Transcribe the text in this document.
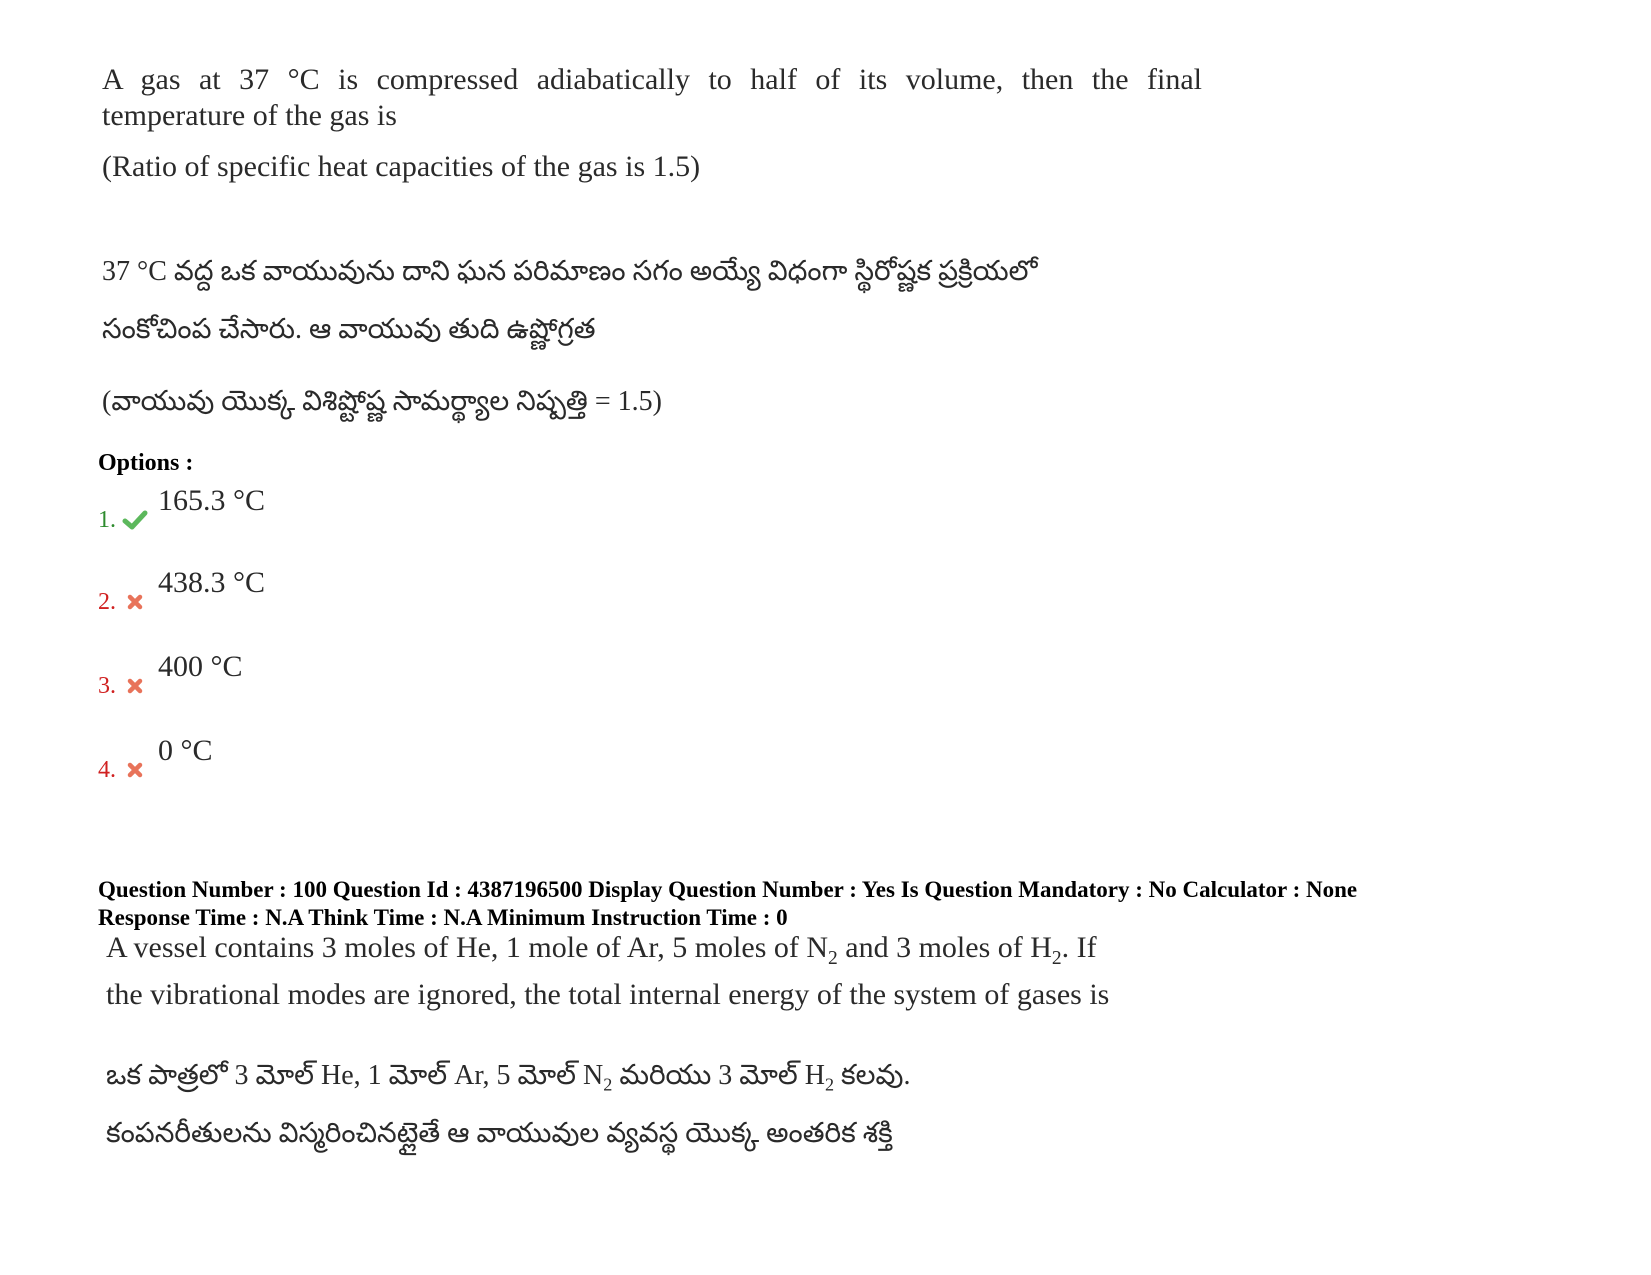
A gas at 37 °C is compressed adiabatically to half of its volume, then the final
temperature of the gas is
(Ratio of specific heat capacities of the gas is 1.5)
37 °C వద్ద ఒక వాయువును దాని ఘన పరిమాణం సగం అయ్యే విధంగా స్థిరోష్ణక ప్రక్రియలో
సంకోచింప చేసారు. ఆ వాయువు తుది ఉష్ణోగ్రత
(వాయువు యొక్క విశిష్టోష్ణ సామర్థ్యాల నిష్పత్తి = 1.5)
Options :
1.
165.3 °C
2.
438.3 °C
3.
400 °C
4.
0 °C
Question Number : 100 Question Id : 4387196500 Display Question Number : Yes Is Question Mandatory : No Calculator : None
Response Time : N.A Think Time : N.A Minimum Instruction Time : 0
A vessel contains 3 moles of He, 1 mole of Ar, 5 moles of $N_2$ and 3 moles of $H_2$. If
the vibrational modes are ignored, the total internal energy of the system of gases is
ఒక పాత్రలో 3 మోల్ He, 1 మోల్ Ar, 5 మోల్ $N_2$ మరియు 3 మోల్ $H_2$ కలవు.
కంపనరీతులను విస్మరించినట్లైతే ఆ వాయువుల వ్యవస్థ యొక్క అంతరిక శక్తి
